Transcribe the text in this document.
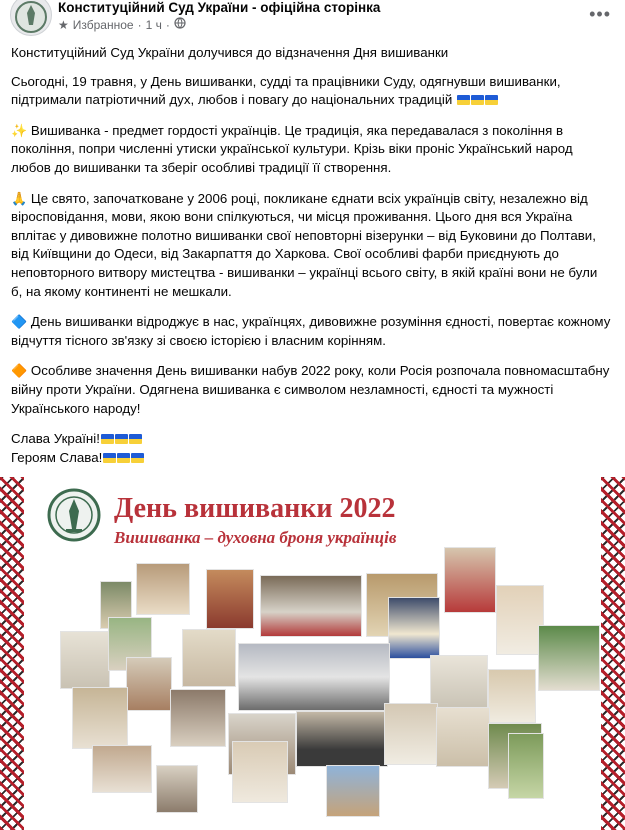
Конституційний Суд України - офіційна сторінка
★ Избранное · 1 ч ·
•••

Конституційний Суд України долучився до відзначення Дня вишиванки

Сьогодні, 19 травня, у День вишиванки, судді та працівники Суду, одягнувши вишиванки, підтримали патріотичний дух, любов і повагу до національних традицій

✨ Вишиванка - предмет гордості українців. Це традиція, яка передавалася з покоління в покоління, попри численні утиски української культури. Крізь віки проніс Український народ любов до вишиванки та зберіг особливі традиції її створення.

🙏 Це свято, започатковане у 2006 році, покликане єднати всіх українців світу, незалежно від віросповідання, мови, якою вони спілкуються, чи місця проживання. Цього дня вся Україна вплітає у дивовижне полотно вишиванки свої неповторні візерунки – від Буковини до Полтави, від Київщини до Одеси, від Закарпаття до Харкова. Свої особливі фарби приєднують до неповторного витвору мистецтва - вишиванки – українці всього світу, в якій країні вони не були б, на якому континенті не мешкали.

🔷 День вишиванки відроджує в нас, українцях, дивовижне розуміння єдності, повертає кожному відчуття тісного зв'язку зі своєю історією і власним корінням.

🔶 Особливе значення День вишиванки набув 2022 року, коли Росія розпочала повномасштабну війну проти України. Одягнена вишиванка є символом незламності, єдності та мужності Українського народу!

Слава Україні!
Героям Слава!

День вишиванки 2022
Вишиванка – духовна броня українців
